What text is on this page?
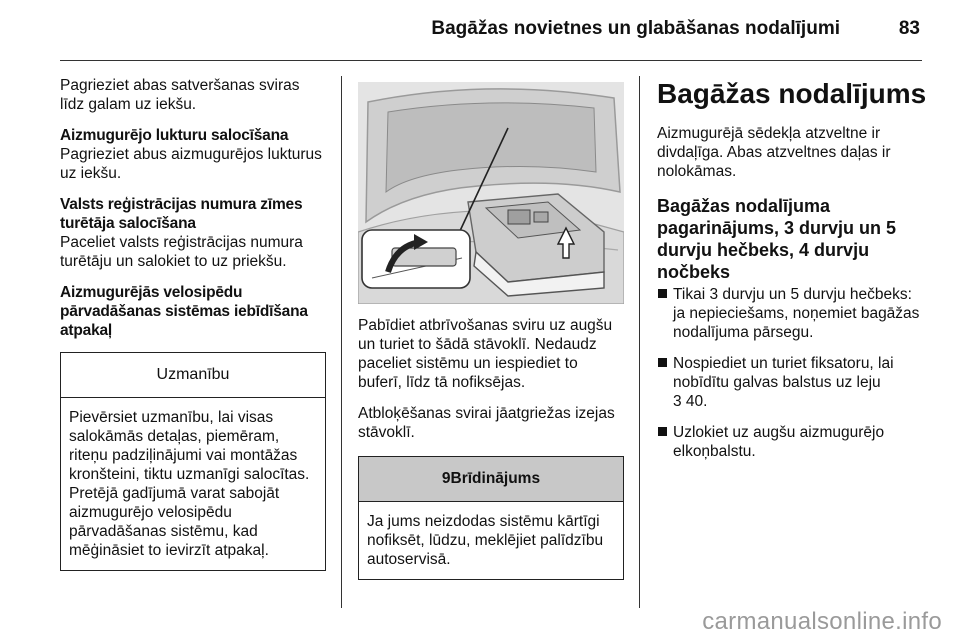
Bagāžas novietnes un glabāšanas nodalījumi	83

Pagrieziet abas satveršanas sviras līdz galam uz iekšu.

Aizmugurējo lukturu salocīšana
Pagrieziet abus aizmugurējos lukturus uz iekšu.

Valsts reģistrācijas numura zīmes turētāja salocīšana
Paceliet valsts reģistrācijas numura turētāju un salokiet to uz priekšu.

Aizmugurējās velosipēdu pārvadāšanas sistēmas iebīdīšana atpakaļ

Uzmanību
Pievērsiet uzmanību, lai visas salokāmās detaļas, piemēram, riteņu padziļinājumi vai montāžas kronšteini, tiktu uzmanīgi salocītas. Pretējā gadījumā varat sabojāt aizmugurējo velosipēdu pārvadāšanas sistēmu, kad mēģināsiet to ievirzīt atpakaļ.

Pabīdiet atbrīvošanas sviru uz augšu un turiet to šādā stāvoklī. Nedaudz paceliet sistēmu un iespiediet to buferī, līdz tā nofiksējas.

Atbloķēšanas svirai jāatgriežas izejas stāvoklī.

9Brīdinājums
Ja jums neizdodas sistēmu kārtīgi nofiksēt, lūdzu, meklējiet palīdzību autoservisā.
Bagāžas nodalījums

Aizmugurējā sēdekļa atzveltne ir divdaļīga. Abas atzveltnes daļas ir nolokāmas.

Bagāžas nodalījuma pagarinājums, 3 durvju un 5 durvju hečbeks, 4 durvju nočbeks
Tikai 3 durvju un 5 durvju hečbeks: ja nepieciešams, noņemiet bagāžas nodalījuma pārsegu.
Nospiediet un turiet fiksatoru, lai nobīdītu galvas balstus uz leju
3 40.
Uzlokiet uz augšu aizmugurējo elkoņbalstu.
carmanualsonline.info
